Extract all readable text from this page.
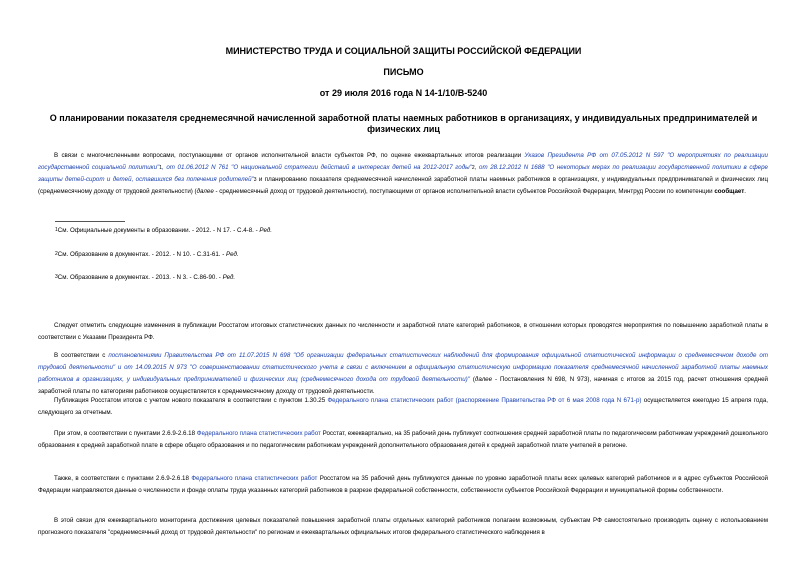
МИНИСТЕРСТВО ТРУДА И СОЦИАЛЬНОЙ ЗАЩИТЫ РОССИЙСКОЙ ФЕДЕРАЦИИ
ПИСЬМО
от 29 июля 2016 года N 14-1/10/В-5240
О планировании показателя среднемесячной начисленной заработной платы наемных работников в организациях, у индивидуальных предпринимателей и физических лиц
В связи с многочисленными вопросами, поступающими от органов исполнительной власти субъектов РФ, по оценке ежеквартальных итогов реализации Указов Президента РФ от 07.05.2012 N 597 "О мероприятиях по реализации государственной социальной политики"$^1$, от 01.06.2012 N 761 "О национальной стратегии действий в интересах детей на 2012-2017 годы"$^2$, от 28.12.2012 N 1688 "О некоторых мерах по реализации государственной политики в сфере защиты детей-сирот и детей, оставшихся без попечения родителей"$^3$ и планированию показателя среднемесячной начисленной заработной платы наемных работников в организациях, у индивидуальных предпринимателей и физических лиц (среднемесячному доходу от трудовой деятельности) (далее - среднемесячный доход от трудовой деятельности), поступающими от органов исполнительной власти субъектов Российской Федерации, Минтруд России по компетенции сообщает.
$^1$См. Официальные документы в образовании. - 2012. - N 17. - С.4-8. - Ред.
$^2$См. Образование в документах. - 2012. - N 10. - С.31-61. - Ред.
$^3$См. Образование в документах. - 2013. - N 3. - С.86-90. - Ред.
Следует отметить следующие изменения в публикации Росстатом итоговых статистических данных по численности и заработной плате категорий работников, в отношении которых проводятся мероприятия по повышению заработной платы в соответствии с Указами Президента РФ.
В соответствии с постановлениями Правительства РФ от 11.07.2015 N 698 "Об организации федеральных статистических наблюдений для формирования официальной статистической информации о среднемесячном доходе от трудовой деятельности" и от 14.09.2015 N 973 "О совершенствовании статистического учета в связи с включением в официальную статистическую информацию показателя среднемесячной начисленной заработной платы наемных работников в организациях, у индивидуальных предпринимателей и физических лиц (среднемесячного дохода от трудовой деятельности)" (далее - Постановления N 698, N 973), начиная с итогов за 2015 год, расчет отношения средней заработной платы по категориям работников осуществляется к среднемесячному доходу от трудовой деятельности.
Публикация Росстатом итогов с учетом нового показателя в соответствии с пунктом 1.30.25 Федерального плана статистических работ (распоряжение Правительства РФ от 6 мая 2008 года N 671-р) осуществляется ежегодно 15 апреля года, следующего за отчетным.
При этом, в соответствии с пунктами 2.6.9-2.6.18 Федерального плана статистических работ Росстат, ежеквартально, на 35 рабочий день публикует соотношения средней заработной платы по педагогическим работникам учреждений дошкольного образования к средней заработной плате в сфере общего образования и по педагогическим работникам учреждений дополнительного образования детей к средней заработной плате учителей в регионе.
Также, в соответствии с пунктами 2.6.9-2.6.18 Федерального плана статистических работ Росстатом на 35 рабочий день публикуются данные по уровню заработной платы всех целевых категорий работников и в адрес субъектов Российской Федерации направляются данные о численности и фонде оплаты труда указанных категорий работников в разрезе федеральной собственности, собственности субъектов Российской Федерации и муниципальной формы собственности.
В этой связи для ежеквартального мониторинга достижения целевых показателей повышения заработной платы отдельных категорий работников полагаем возможным, субъектам РФ самостоятельно производить оценку с использованием прогнозного показателя "среднемесячный доход от трудовой деятельности" по регионам и ежеквартальных официальных итогов федерального статистического наблюдения в
